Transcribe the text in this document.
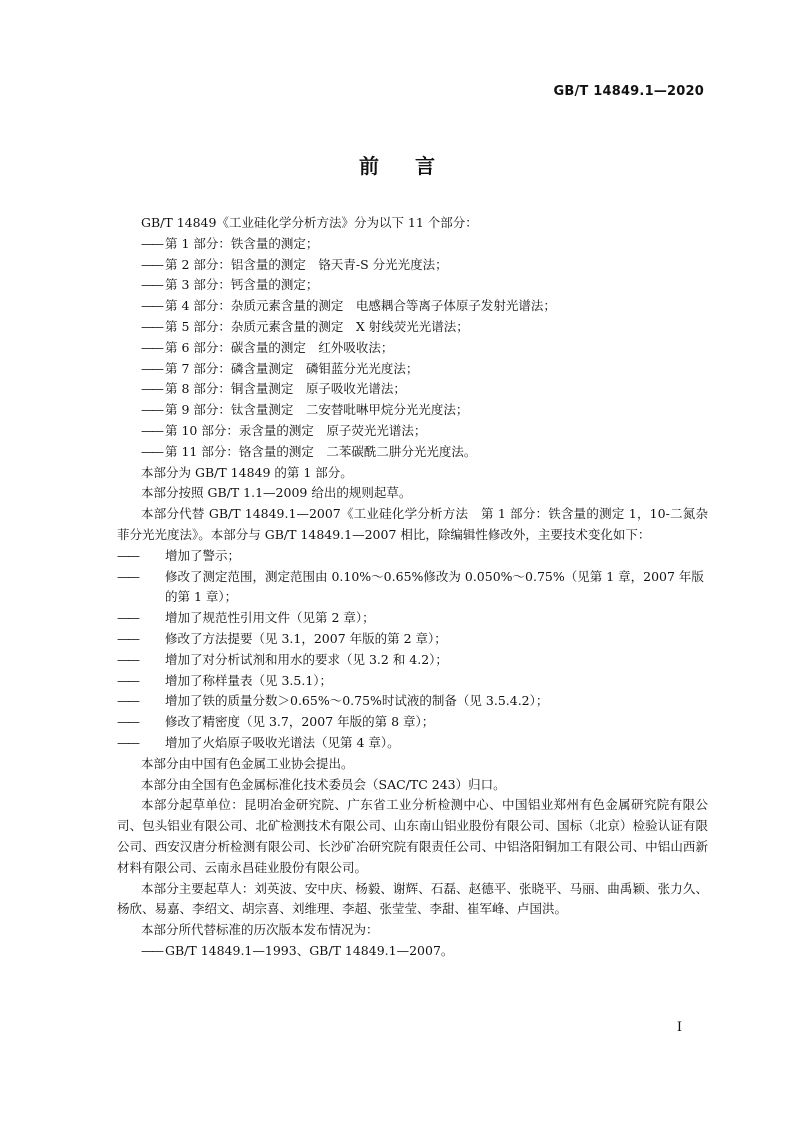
GB/T 14849.1—2020
前 言

GB/T 14849《工业硅化学分析方法》分为以下 11 个部分：

—— 第 1 部分：铁含量的测定；

—— 第 2 部分：铝含量的测定　铬天青-S 分光光度法；

—— 第 3 部分：钙含量的测定；

—— 第 4 部分：杂质元素含量的测定　电感耦合等离子体原子发射光谱法；

—— 第 5 部分：杂质元素含量的测定　X 射线荧光光谱法；

—— 第 6 部分：碳含量的测定　红外吸收法；

—— 第 7 部分：磷含量测定　磷钼蓝分光光度法；

—— 第 8 部分：铜含量测定　原子吸收光谱法；

—— 第 9 部分：钛含量测定　二安替吡啉甲烷分光光度法；

—— 第 10 部分：汞含量的测定　原子荧光光谱法；

—— 第 11 部分：铬含量的测定　二苯碳酰二肼分光光度法。

本部分为 GB/T 14849 的第 1 部分。

本部分按照 GB/T 1.1—2009 给出的规则起草。

本部分代替 GB/T 14849.1—2007《工业硅化学分析方法　第 1 部分：铁含量的测定 1，10-二氮杂菲分光光度法》。本部分与 GB/T 14849.1—2007 相比，除编辑性修改外，主要技术变化如下：

—— 增加了警示；

—— 修改了测定范围，测定范围由 0.10%～0.65%修改为 0.050%～0.75%（见第 1 章，2007 年版的第 1 章）；

—— 增加了规范性引用文件（见第 2 章）；

—— 修改了方法提要（见 3.1，2007 年版的第 2 章）；

—— 增加了对分析试剂和用水的要求（见 3.2 和 4.2）；

—— 增加了称样量表（见 3.5.1）；

—— 增加了铁的质量分数＞0.65%～0.75%时试液的制备（见 3.5.4.2）；

—— 修改了精密度（见 3.7，2007 年版的第 8 章）；

—— 增加了火焰原子吸收光谱法（见第 4 章）。

本部分由中国有色金属工业协会提出。

本部分由全国有色金属标准化技术委员会（SAC/TC 243）归口。

本部分起草单位：昆明冶金研究院、广东省工业分析检测中心、中国铝业郑州有色金属研究院有限公司、包头铝业有限公司、北矿检测技术有限公司、山东南山铝业股份有限公司、国标（北京）检验认证有限公司、西安汉唐分析检测有限公司、长沙矿冶研究院有限责任公司、中铝洛阳铜加工有限公司、中铝山西新材料有限公司、云南永昌硅业股份有限公司。

本部分主要起草人：刘英波、安中庆、杨毅、谢辉、石磊、赵德平、张晓平、马丽、曲禹颖、张力久、杨欣、易嘉、李绍文、胡宗喜、刘维理、李超、张莹莹、李甜、崔军峰、卢国洪。

本部分所代替标准的历次版本发布情况为：

—— GB/T 14849.1—1993、GB/T 14849.1—2007。

I
